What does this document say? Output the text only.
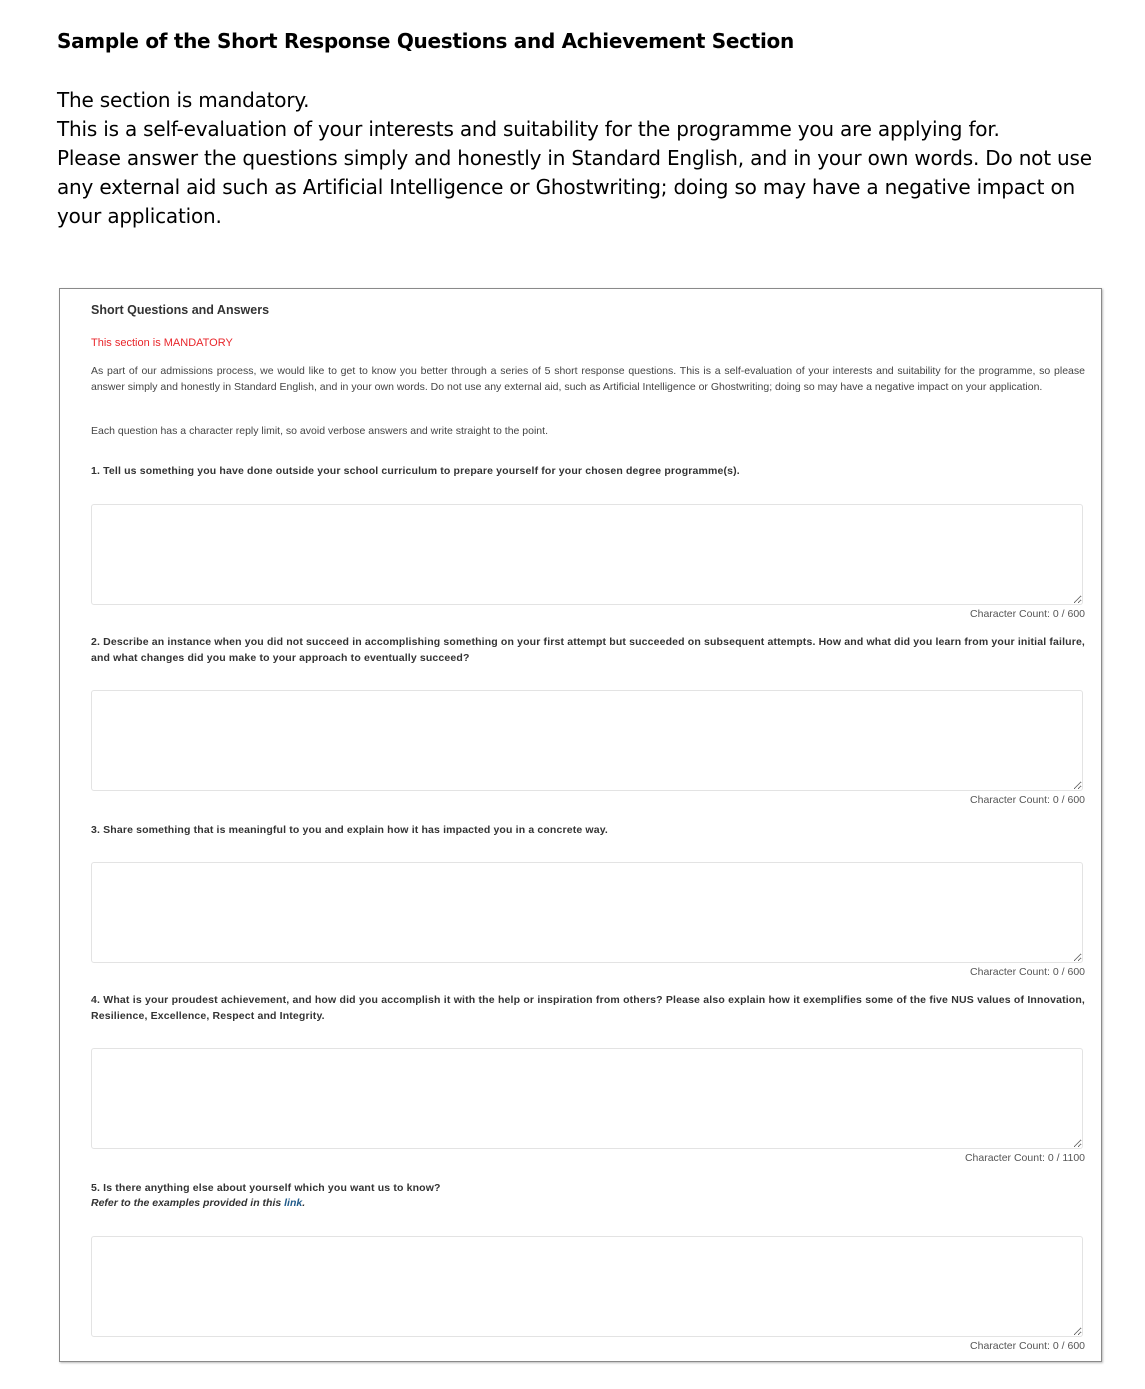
Sample of the Short Response Questions and Achievement Section
The section is mandatory.
This is a self-evaluation of your interests and suitability for the programme you are applying for.
Please answer the questions simply and honestly in Standard English, and in your own words. Do not use any external aid such as Artificial Intelligence or Ghostwriting; doing so may have a negative impact on your application.
Short Questions and Answers
This section is MANDATORY
As part of our admissions process, we would like to get to know you better through a series of 5 short response questions. This is a self-evaluation of your interests and suitability for the programme, so please answer simply and honestly in Standard English, and in your own words. Do not use any external aid, such as Artificial Intelligence or Ghostwriting; doing so may have a negative impact on your application.
Each question has a character reply limit, so avoid verbose answers and write straight to the point.
1. Tell us something you have done outside your school curriculum to prepare yourself for your chosen degree programme(s).
Character Count: 0 / 600
2. Describe an instance when you did not succeed in accomplishing something on your first attempt but succeeded on subsequent attempts. How and what did you learn from your initial failure, and what changes did you make to your approach to eventually succeed?
Character Count: 0 / 600
3. Share something that is meaningful to you and explain how it has impacted you in a concrete way.
Character Count: 0 / 600
4. What is your proudest achievement, and how did you accomplish it with the help or inspiration from others? Please also explain how it exemplifies some of the five NUS values of Innovation, Resilience, Excellence, Respect and Integrity.
Character Count: 0 / 1100
5. Is there anything else about yourself which you want us to know?
Refer to the examples provided in this link.
Character Count: 0 / 600
